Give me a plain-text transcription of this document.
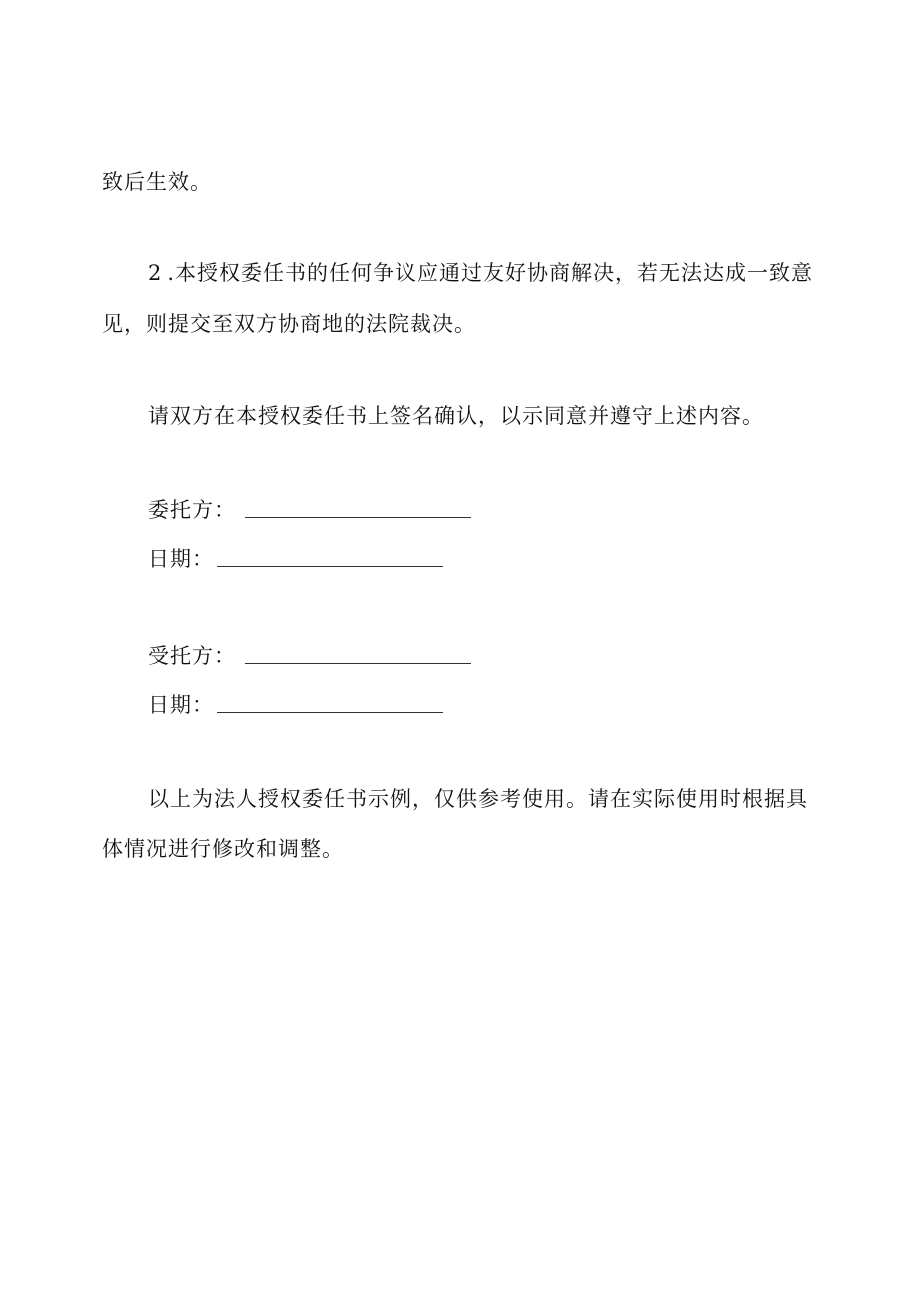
致后生效。
2 .本授权委任书的任何争议应通过友好协商解决，若无法达成一致意
见，则提交至双方协商地的法院裁决。
请双方在本授权委任书上签名确认，以示同意并遵守上述内容。
委托方：
日期：
受托方：
日期：
以上为法人授权委任书示例，仅供参考使用。请在实际使用时根据具
体情况进行修改和调整。
